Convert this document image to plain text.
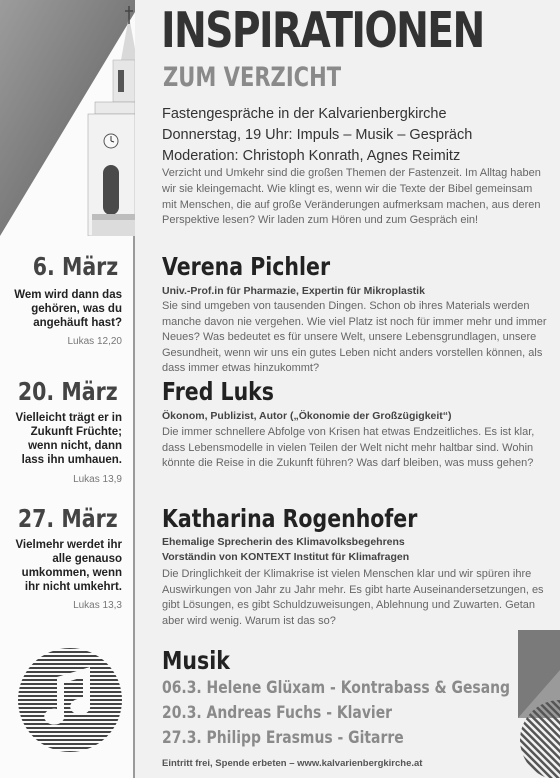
INSPIRATIONEN
ZUM VERZICHT
Fastengespräche in der Kalvarienbergkirche
Donnerstag, 19 Uhr: Impuls – Musik – Gespräch
Moderation: Christoph Konrath, Agnes Reimitz
Verzicht und Umkehr sind die großen Themen der Fastenzeit. Im Alltag haben wir sie kleingemacht. Wie klingt es, wenn wir die Texte der Bibel gemeinsam mit Menschen, die auf große Veränderungen aufmerksam machen, aus deren Perspektive lesen? Wir laden zum Hören und zum Gespräch ein!
6. März
Wem wird dann das gehören, was du angehäuft hast?
Lukas 12,20
Verena Pichler
Univ.-Prof.in für Pharmazie, Expertin für Mikroplastik
Sie sind umgeben von tausenden Dingen. Schon ob ihres Materials werden manche davon nie vergehen. Wie viel Platz ist noch für immer mehr und immer Neues? Was bedeutet es für unsere Welt, unsere Lebensgrundlagen, unsere Gesundheit, wenn wir uns ein gutes Leben nicht anders vorstellen können, als dass immer etwas hinzukommt?
20. März
Vielleicht trägt er in Zukunft Früchte; wenn nicht, dann lass ihn umhauen.
Lukas 13,9
Fred Luks
Ökonom, Publizist, Autor („Ökonomie der Großzügigkeit“)
Die immer schnellere Abfolge von Krisen hat etwas Endzeitliches. Es ist klar, dass Lebensmodelle in vielen Teilen der Welt nicht mehr haltbar sind. Wohin könnte die Reise in die Zukunft führen? Was darf bleiben, was muss gehen?
27. März
Vielmehr werdet ihr alle genauso umkommen, wenn ihr nicht umkehrt.
Lukas 13,3
Katharina Rogenhofer
Ehemalige Sprecherin des Klimavolksbegehrens
Vorständin von KONTEXT Institut für Klimafragen
Die Dringlichkeit der Klimakrise ist vielen Menschen klar und wir spüren ihre Auswirkungen von Jahr zu Jahr mehr. Es gibt harte Auseinandersetzungen, es gibt Lösungen, es gibt Schuldzuweisungen, Ablehnung und Zuwarten. Getan aber wird wenig. Warum ist das so?
Musik
06.3. Helene Glüxam - Kontrabass & Gesang
20.3. Andreas Fuchs - Klavier
27.3. Philipp Erasmus - Gitarre
Eintritt frei, Spende erbeten – www.kalvarienbergkirche.at
